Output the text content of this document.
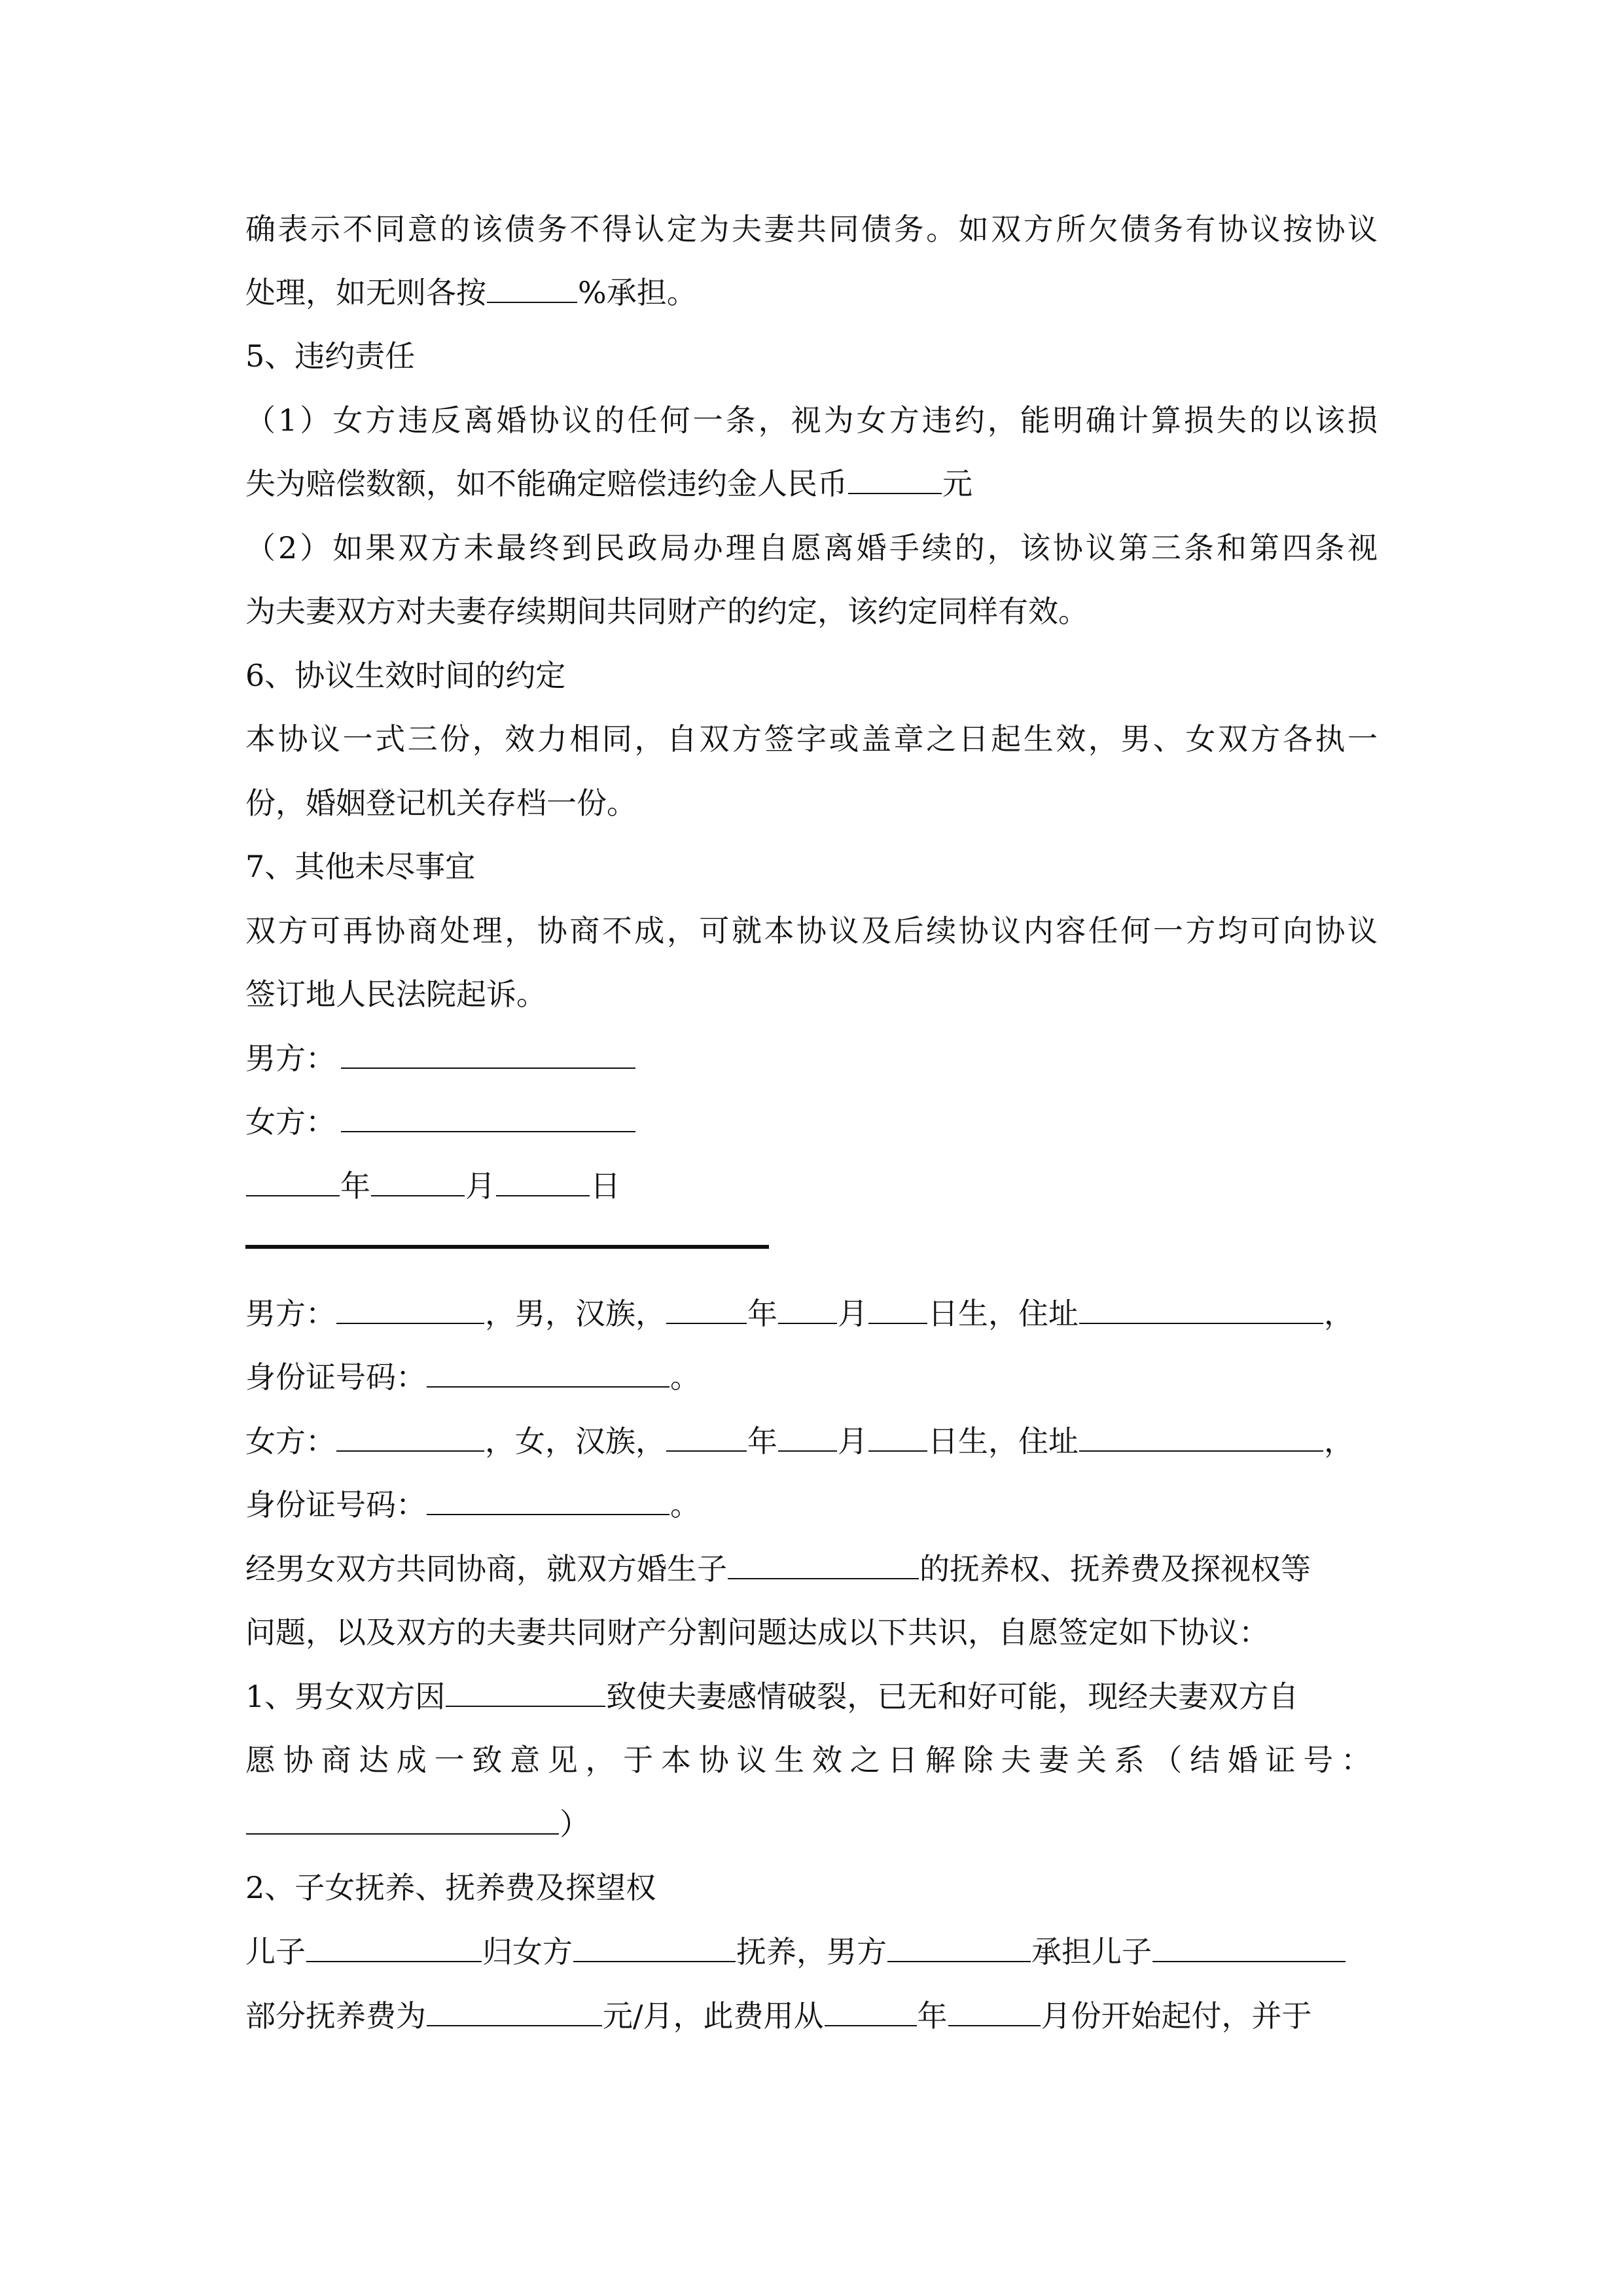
确表示不同意的该债务不得认定为夫妻共同债务。如双方所欠债务有协议按协议
处理，如无则各按	%承担。
5、违约责任
（1）女方违反离婚协议的任何一条，视为女方违约，能明确计算损失的以该损
失为赔偿数额，如不能确定赔偿违约金人民币	元
（2）如果双方未最终到民政局办理自愿离婚手续的，该协议第三条和第四条视
为夫妻双方对夫妻存续期间共同财产的约定，该约定同样有效。
6、协议生效时间的约定
本协议一式三份，效力相同，自双方签字或盖章之日起生效，男、女双方各执一
份，婚姻登记机关存档一份。
7、其他未尽事宜
双方可再协商处理，协商不成，可就本协议及后续协议内容任何一方均可向协议
签订地人民法院起诉。
男方：
女方：
年	月	日
男方：	，男，汉族，	年 月 日生，住址	，
身份证号码：	。
女方：	，女，汉族，	年 月 日生，住址	，
身份证号码：	。
经男女双方共同协商，就双方婚生子	的抚养权、抚养费及探视权等
问题，以及双方的夫妻共同财产分割问题达成以下共识，自愿签定如下协议：
1、男女双方因	致使夫妻感情破裂，已无和好可能，现经夫妻双方自
愿协商达成一致意见，于本协议生效之日解除夫妻关系（结婚证号：
）
2、子女抚养、抚养费及探望权
儿子	归女方	抚养，男方	承担儿子
部分抚养费为	元/月，此费用从	年	月份开始起付，并于
